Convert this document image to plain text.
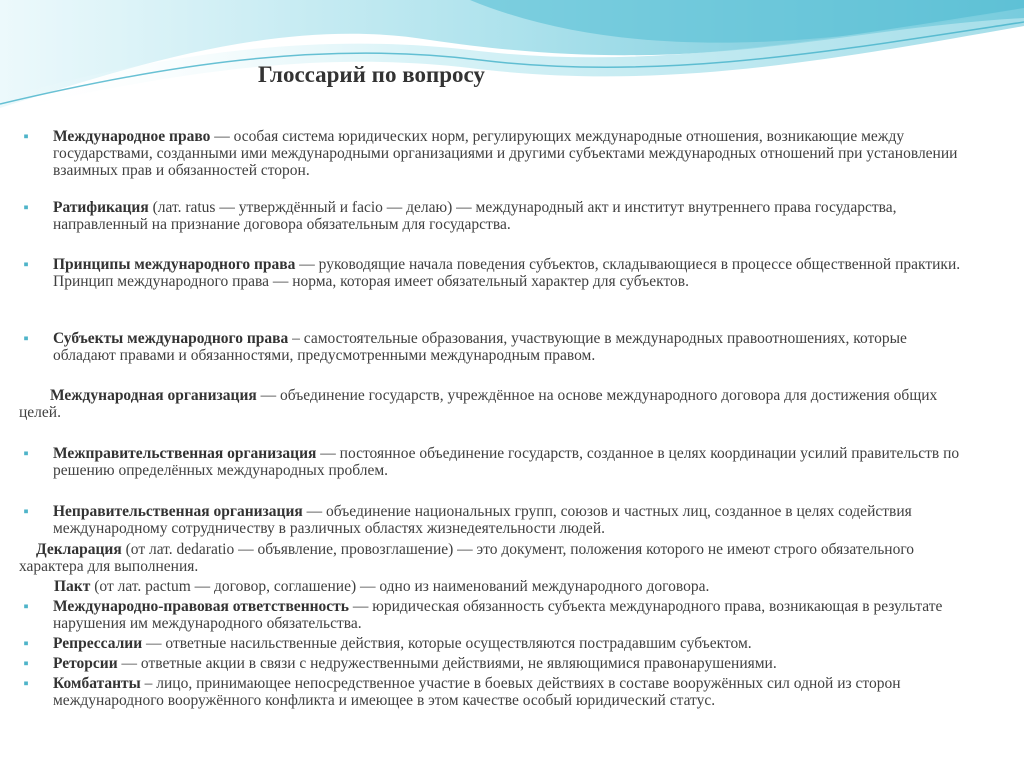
Глоссарий по вопросу
▪ Международное право — особая система юридических норм, регулирующих международные отношения, возникающие между государствами, созданными ими международными организациями и другими субъектами международных отношений при установлении взаимных прав и обязанностей сторон.
▪ Ратификация (лат. ratus — утверждённый и facio — делаю) — международный акт и институт внутреннего права государства, направленный на признание договора обязательным для государства.
▪ Принципы международного права — руководящие начала поведения субъектов, складывающиеся в процессе общественной практики. Принцип международного права — норма, которая имеет обязательный характер для субъектов.
▪ Субъекты международного права – самостоятельные образования, участвующие в международных правоотношениях, которые обладают правами и обязанностями, предусмотренными международным правом.
Международная организация — объединение государств, учреждённое на основе международного договора для достижения общих целей.
▪ Межправительственная организация — постоянное объединение государств, созданное в целях координации усилий правительств по решению определённых международных проблем.
▪ Неправительственная организация — объединение национальных групп, союзов и частных лиц, созданное в целях содействия международному сотрудничеству в различных областях жизнедеятельности людей.
Декларация (от лат. dedaratio — объявление, провозглашение) — это документ, положения которого не имеют строго обязательного характера для выполнения.
Пакт (от лат. pactum — договор, соглашение) — одно из наименований международного договора.
▪ Международно-правовая ответственность — юридическая обязанность субъекта международного права, возникающая в результате нарушения им международного обязательства.
▪ Репрессалии — ответные насильственные действия, которые осуществляются пострадавшим субъектом.
▪ Реторсии — ответные акции в связи с недружественными действиями, не являющимися правонарушениями.
▪ Комбатанты – лицо, принимающее непосредственное участие в боевых действиях в составе вооружённых сил одной из сторон международного вооружённого конфликта и имеющее в этом качестве особый юридический статус.
